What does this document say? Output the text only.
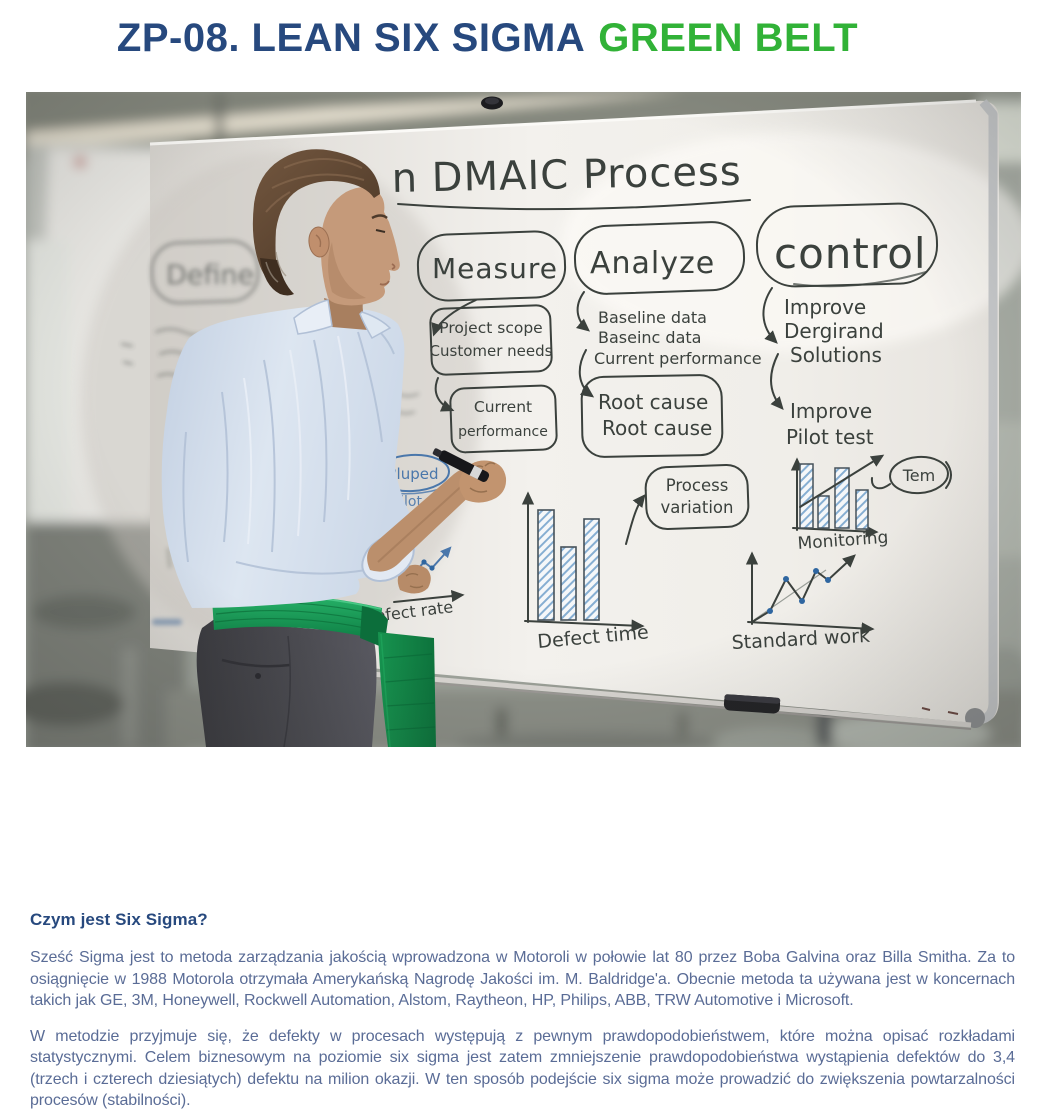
ZP-08. LEAN SIX SIGMA GREEN BELT
Czym jest Six Sigma?

Sześć Sigma jest to metoda zarządzania jakością wprowadzona w Motoroli w połowie lat 80 przez Boba Galvina oraz Billa Smitha. Za to osiągnięcie w 1988 Motorola otrzymała Amerykańską Nagrodę Jakości im. M. Baldridge'a. Obecnie metoda ta używana jest w koncernach takich jak GE, 3M, Honeywell, Rockwell Automation, Alstom, Raytheon, HP, Philips, ABB, TRW Automotive i Microsoft.

W metodzie przyjmuje się, że defekty w procesach występują z pewnym prawdopodobieństwem, które można opisać rozkładami statystycznymi. Celem biznesowym na poziomie six sigma jest zatem zmniejszenie prawdopodobieństwa wystąpienia defektów do 3,4 (trzech i czterech dziesiątych) defektu na milion okazji. W ten sposób podejście six sigma może prowadzić do zwiększenia powtarzalności procesów (stabilności).
